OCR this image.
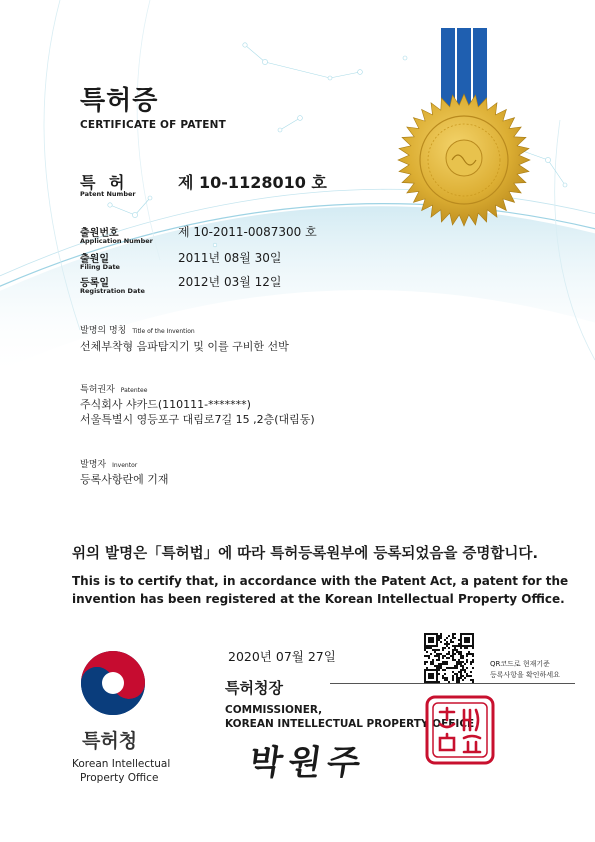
특허증
CERTIFICATE OF PATENT
특 허
Patent Number
제 10-1128010 호
출원번호
Application Number
제 10-2011-0087300 호
출원일
Filing Date
2011년 08월 30일
등록일
Registration Date
2012년 03월 12일
발명의 명칭 Title of the Invention
선체부착형 음파탐지기 및 이를 구비한 선박
특허권자 Patentee
주식회사 샤카드(110111-*******)
서울특별시 영등포구 대림로7길 15 ,2층(대림동)
발명자 Inventor
등록사항란에 기재
위의 발명은「특허법」에 따라 특허등록원부에 등록되었음을 증명합니다.
This is to certify that, in accordance with the Patent Act, a patent for the
invention has been registered at the Korean Intellectual Property Office.
2020년 07월 27일	QR코드로 현재기준
등록사항을 확인하세요
특허청장
COMMISSIONER,
KOREAN INTELLECTUAL PROPERTY OFFICE
박원주
특허청
Korean Intellectual
Property Office
